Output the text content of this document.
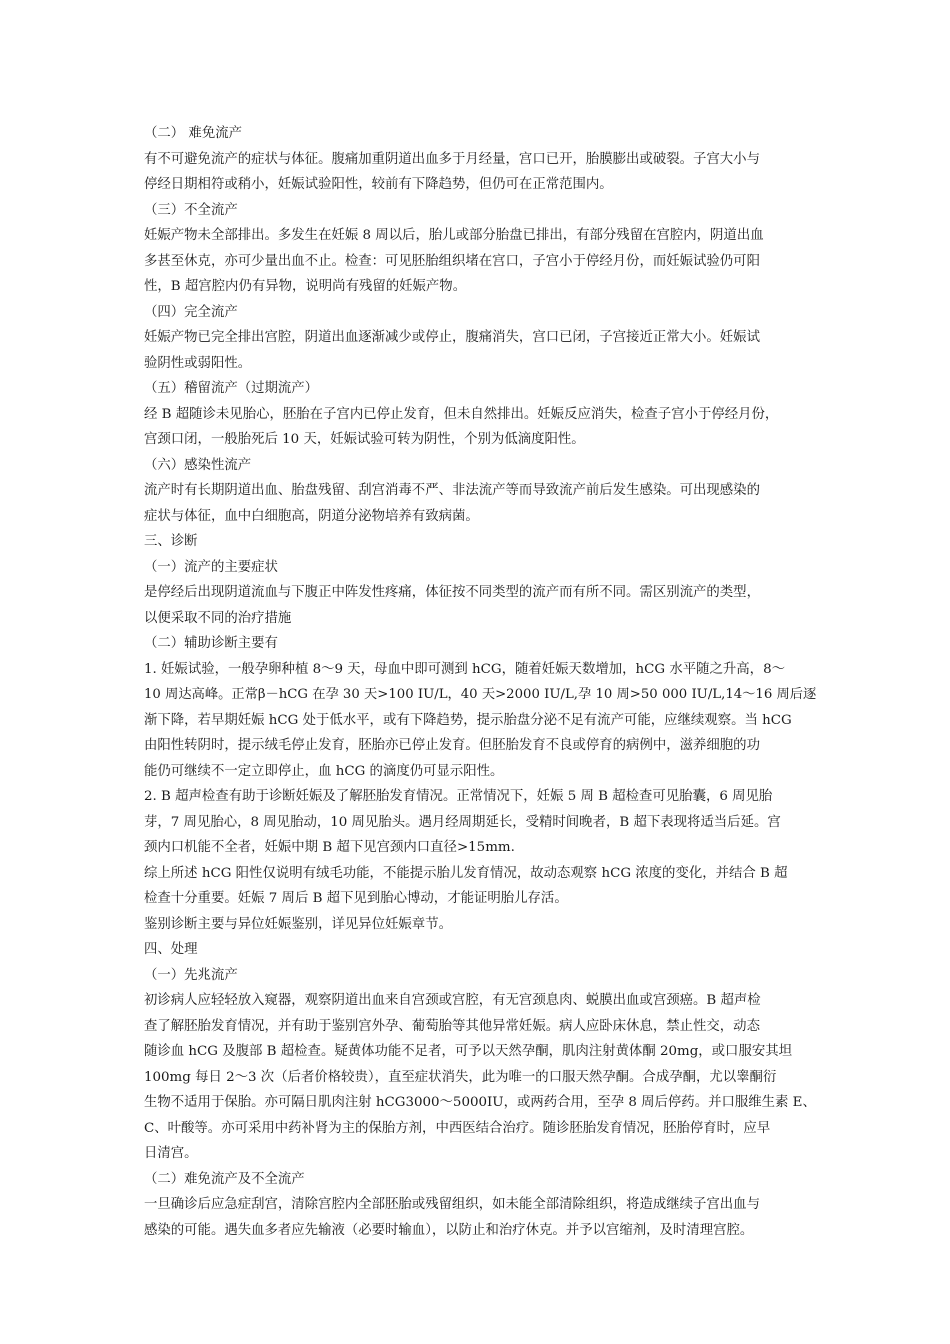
（二） 难免流产
有不可避免流产的症状与体征。腹痛加重阴道出血多于月经量，宫口已开，胎膜膨出或破裂。子宫大小与
停经日期相符或稍小，妊娠试验阳性，较前有下降趋势，但仍可在正常范围内。
（三）不全流产
妊娠产物未全部排出。多发生在妊娠 8 周以后，胎儿或部分胎盘已排出，有部分残留在宫腔内，阴道出血
多甚至休克，亦可少量出血不止。检查：可见胚胎组织堵在宫口，子宫小于停经月份，而妊娠试验仍可阳
性，B 超宫腔内仍有异物，说明尚有残留的妊娠产物。
（四）完全流产
妊娠产物已完全排出宫腔，阴道出血逐渐减少或停止，腹痛消失，宫口已闭，子宫接近正常大小。妊娠试
验阴性或弱阳性。
（五）稽留流产（过期流产）
经 B 超随诊未见胎心，胚胎在子宫内已停止发育，但未自然排出。妊娠反应消失，检查子宫小于停经月份，
宫颈口闭，一般胎死后 10 天，妊娠试验可转为阴性，个别为低滴度阳性。
（六）感染性流产
流产时有长期阴道出血、胎盘残留、刮宫消毒不严、非法流产等而导致流产前后发生感染。可出现感染的
症状与体征，血中白细胞高，阴道分泌物培养有致病菌。
三、诊断
（一）流产的主要症状
是停经后出现阴道流血与下腹正中阵发性疼痛，体征按不同类型的流产而有所不同。需区别流产的类型，
以便采取不同的治疗措施
（二）辅助诊断主要有
1. 妊娠试验，一般孕卵种植 8～9 天，母血中即可测到 hCG，随着妊娠天数增加，hCG 水平随之升高，8～
10 周达高峰。正常β－hCG 在孕 30 天>100 IU/L，40 天>2000 IU/L,孕 10 周>50 000 IU/L,14～16 周后逐
渐下降，若早期妊娠 hCG 处于低水平，或有下降趋势，提示胎盘分泌不足有流产可能，应继续观察。当 hCG
由阳性转阴时，提示绒毛停止发育，胚胎亦已停止发育。但胚胎发育不良或停育的病例中，滋养细胞的功
能仍可继续不一定立即停止，血 hCG 的滴度仍可显示阳性。
2. B 超声检查有助于诊断妊娠及了解胚胎发育情况。正常情况下，妊娠 5 周 B 超检查可见胎囊，6 周见胎
芽，7 周见胎心，8 周见胎动，10 周见胎头。遇月经周期延长，受精时间晚者，B 超下表现将适当后延。宫
颈内口机能不全者，妊娠中期 B 超下见宫颈内口直径>15mm.
综上所述 hCG 阳性仅说明有绒毛功能，不能提示胎儿发育情况，故动态观察 hCG 浓度的变化，并结合 B 超
检查十分重要。妊娠 7 周后 B 超下见到胎心博动，才能证明胎儿存活。
鉴别诊断主要与异位妊娠鉴别，详见异位妊娠章节。
四、处理
（一）先兆流产
初诊病人应轻轻放入窥器，观察阴道出血来自宫颈或宫腔，有无宫颈息肉、蜕膜出血或宫颈癌。B 超声检
查了解胚胎发育情况，并有助于鉴别宫外孕、葡萄胎等其他异常妊娠。病人应卧床休息，禁止性交，动态
随诊血 hCG 及腹部 B 超检查。疑黄体功能不足者，可予以天然孕酮，肌肉注射黄体酮 20mg，或口服安其坦
100mg 每日 2～3 次（后者价格较贵），直至症状消失，此为唯一的口服天然孕酮。合成孕酮，尤以睾酮衍
生物不适用于保胎。亦可隔日肌肉注射 hCG3000～5000IU，或两药合用，至孕 8 周后停药。并口服维生素 E、
C、叶酸等。亦可采用中药补肾为主的保胎方剂，中西医结合治疗。随诊胚胎发育情况，胚胎停育时，应早
日清宫。
（二）难免流产及不全流产
一旦确诊后应急症刮宫，清除宫腔内全部胚胎或残留组织，如未能全部清除组织，将造成继续子宫出血与
感染的可能。遇失血多者应先输液（必要时输血），以防止和治疗休克。并予以宫缩剂，及时清理宫腔。
